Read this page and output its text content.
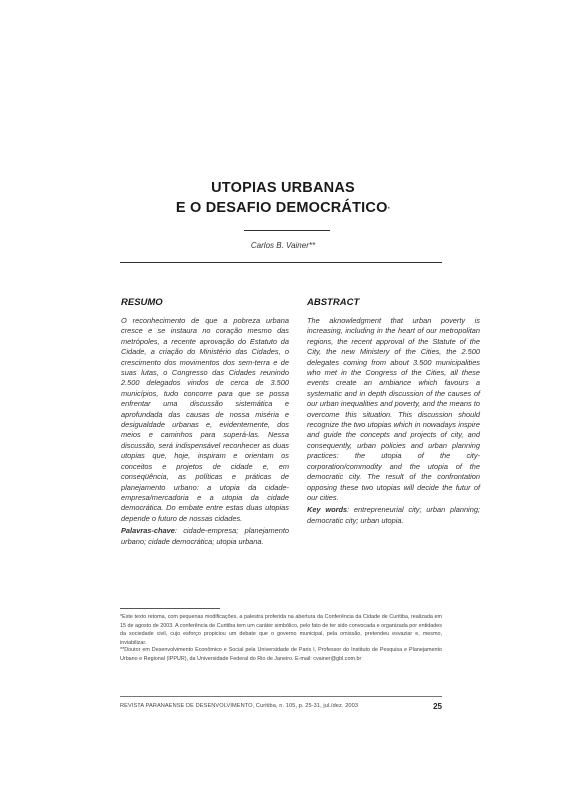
UTOPIAS URBANAS
E O DESAFIO DEMOCRÁTICO*
Carlos B. Vainer**
RESUMO

O reconhecimento de que a pobreza urbana cresce e se instaura no coração mesmo das metrópoles, a recente aprovação do Estatuto da Cidade, a criação do Ministério das Cidades, o crescimento dos movimentos dos sem-terra e de suas lutas, o Congresso das Cidades reunindo 2.500 delegados vindos de cerca de 3.500 municípios, tudo concorre para que se possa enfrentar uma discussão sistemática e aprofundada das causas de nossa miséria e desigualdade urbanas e, evidentemente, dos meios e caminhos para superá-las. Nessa discussão, será indispensável reconhecer as duas utopias que, hoje, inspiram e orientam os conceitos e projetos de cidade e, em conseqüência, as políticas e práticas de planejamento urbano: a utopia da cidade-empresa/mercadoria e a utopia da cidade democrática. Do embate entre estas duas utopias depende o futuro de nossas cidades.

Palavras-chave: cidade-empresa; planejamento urbano; cidade democrática; utopia urbana.
ABSTRACT

The aknowledgment that urban poverty is increasing, including in the heart of our metropolitan regions, the recent approval of the Statute of the City, the new Ministery of the Cities, the 2.500 delegates coming from about 3.500 municipalities who met in the Congress of the Cities, all these events create an ambiance which favours a systematic and in depth discussion of the causes of our urban inequalities and poverty, and the means to overcome this situation. This discussion should recognize the two utopias which in nowadays inspire and guide the concepts and projects of city, and consequently, urban policies and urban planning practices: the utopia of the city-corporation/commodity and the utopia of the democratic city. The result of the confrontation opposing these two utopias will decide the futur of our cities.

Key words: entrepreneurial city; urban planning; democratic city; urban utopia.

*Este texto retoma, com pequenas modificações, a palestra proferida na abertura da Conferência da Cidade de Curitiba, realizada em 15 de agosto de 2003. A conferência de Curitiba tem um caráter simbólico, pelo fato de ter sido convocada e organizada por entidades da sociedade civil, cujo esforço propiciou um debate que o governo municipal, pela omissão, pretendeu esvaziar e, mesmo, inviabilizar.

**Doutor em Desenvolvimento Econômico e Social pela Universidade de Paris I, Professor do Instituto de Pesquisa e Planejamento Urbano e Regional (IPPUR), da Universidade Federal do Rio de Janeiro. E-mail: cvainer@gbl.com.br

REVISTA PARANAENSE DE DESENVOLVIMENTO, Curitiba, n. 105, p. 25-31, jul./dez. 2003	25
